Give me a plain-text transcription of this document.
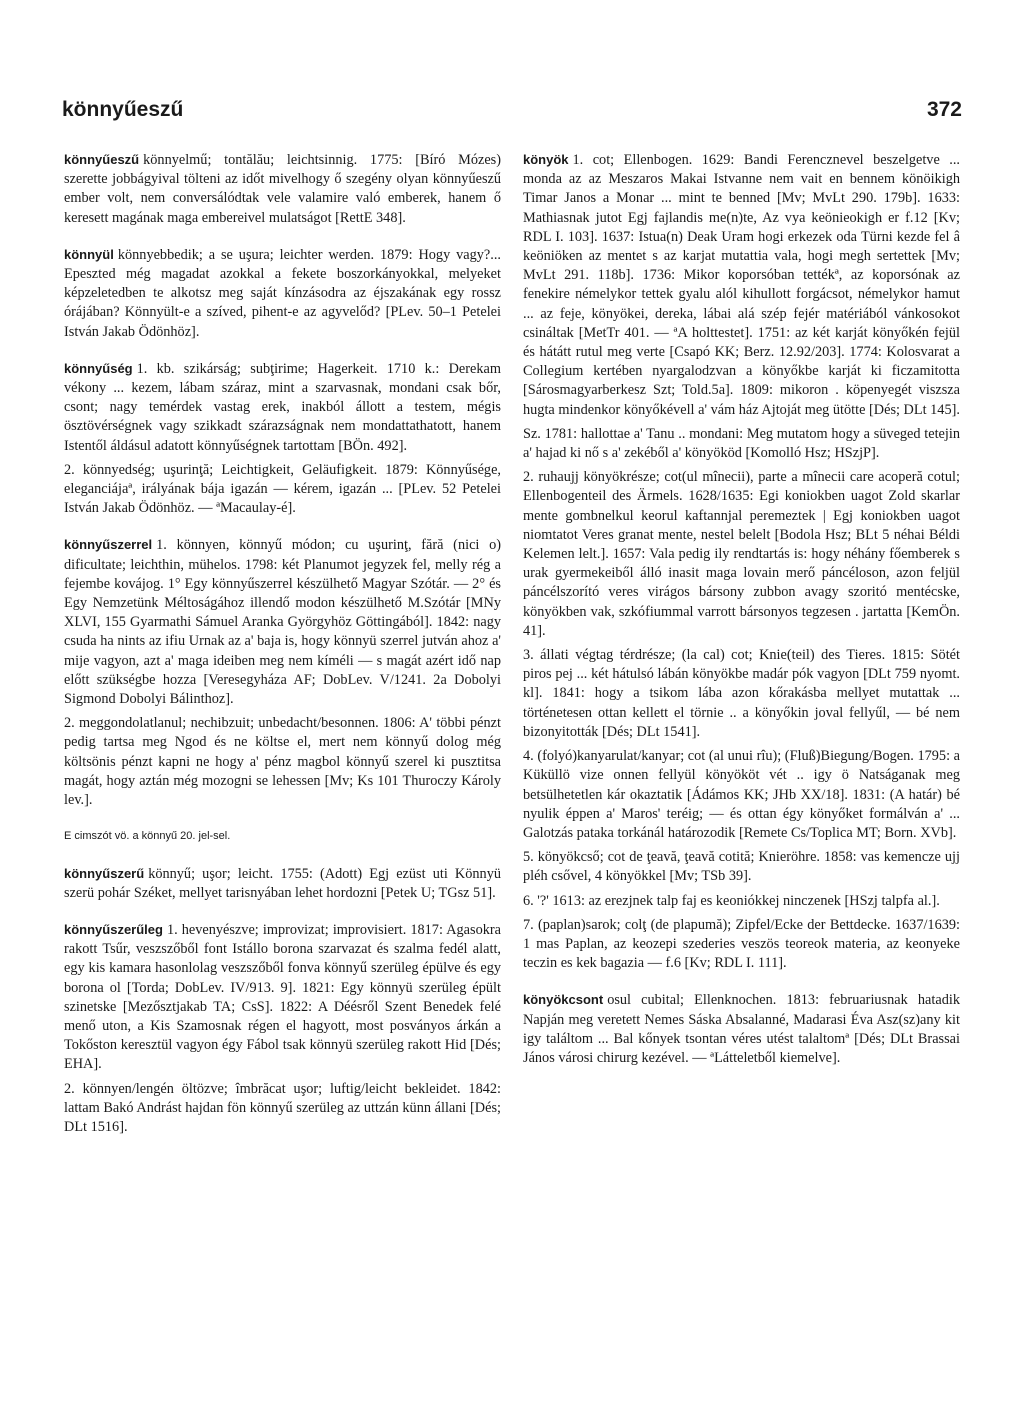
könnyűeszű	372

könnyűeszű könnyelmű; tontălău; leichtsinnig. 1775: [Bíró Mózes) szerette jobbágyival tölteni az időt mivelhogy ő szegény olyan könnyűeszű ember volt, nem conversálódtak vele valamire való emberek, hanem ő keresett magának maga embereivel mulatságot [RettE 348].

könnyül könnyebbedik; a se uşura; leichter werden. 1879: Hogy vagy?... Epeszted még magadat azokkal a fekete boszorkányokkal, melyeket képzeletedben te alkotsz meg saját kínzásodra az éjszakának egy rossz órájában? Könnyült-e a szíved, pihent-e az agyvelőd? [PLev. 50–1 Petelei István Jakab Ödönhöz].

könnyűség 1. kb. szikárság; subţirime; Hagerkeit. 1710 k.: Derekam vékony ... kezem, lábam száraz, mint a szarvasnak, mondani csak bőr, csont; nagy temérdek vastag erek, inakból állott a testem, mégis ösztövérségnek vagy szikkadt szárazságnak nem mondattathatott, hanem Istentől áldásul adatott könnyűségnek tartottam [BÖn. 492].

2. könnyedség; uşurinţă; Leichtigkeit, Geläufigkeit. 1879: Könnyűsége, eleganciájaª, irályának bája igazán — kérem, igazán ... [PLev. 52 Petelei István Jakab Ödönhöz. — ªMacaulay-é].

könnyűszerrel 1. könnyen, könnyű módon; cu uşurinţ, fără (nici o) dificultate; leichthin, mühelos. 1798: két Planumot jegyzek fel, melly rég a fejembe kovájog. 1° Egy könnyűszerrel készülhető Magyar Szótár. — 2° és Egy Nemzetünk Méltoságához illendő modon készülhető M.Szótár [MNy XLVI, 155 Gyarmathi Sámuel Aranka Györgyhöz Göttingából]. 1842: nagy csuda ha nints az ifiu Urnak az a' baja is, hogy könnyü szerrel jutván ahoz a' mije vagyon, azt a' maga ideiben meg nem kíméli — s magát azért idő nap előtt szükségbe hozza [Veresegyháza AF; DobLev. V/1241. 2a Dobolyi Sigmond Dobolyi Bálinthoz].

2. meggondolatlanul; nechibzuit; unbedacht/besonnen. 1806: A' többi pénzt pedig tartsa meg Ngod és ne költse el, mert nem könnyű dolog még költsönis pénzt kapni ne hogy a' pénz magbol könnyű szerel ki pusztitsa magát, hogy aztán még mozogni se lehessen [Mv; Ks 101 Thuroczy Károly lev.].

E cimszót vö. a könnyű 20. jel-sel.

könnyűszerű könnyű; uşor; leicht. 1755: (Adott) Egj ezüst uti Könnyü szerü pohár Széket, mellyet tarisnyában lehet hordozni [Petek U; TGsz 51].

könnyűszerűleg 1. hevenyészve; improvizat; improvisiert. 1817: Agasokra rakott Tsűr, veszszőből font Istállo borona szarvazat és szalma fedél alatt, egy kis kamara hasonlolag veszszőből fonva könnyű szerüleg épülve és egy borona ol [Torda; DobLev. IV/913. 9]. 1821: Egy könnyü szerüleg épült szinetske [Mezősztjakab TA; CsS]. 1822: A Déésről Szent Benedek felé menő uton, a Kis Szamosnak régen el hagyott, most posványos árkán a Tokőston keresztül vagyon égy Fábol tsak könnyü szerüleg rakott Hid [Dés; EHA].

2. könnyen/lengén öltözve; îmbrăcat uşor; luftig/leicht bekleidet. 1842: lattam Bakó Andrást hajdan fön könnyű szerüleg az uttzán künn állani [Dés; DLt 1516].

könyök 1. cot; Ellenbogen. 1629: Bandi Ferencznevel beszelgetve ... monda az az Meszaros Makai Istvanne nem vait en bennem könöikigh Timar Janos a Monar ... mint te benned [Mv; MvLt 290. 179b]. 1633: Mathiasnak jutot Egj fajlandis me(n)te, Az vya keönieokigh er f.12 [Kv; RDL I. 103]. 1637: Istua(n) Deak Uram hogi erkezek oda Türni kezde fel â keöniöken az mentet s az karjat mutattia vala, hogi megh sertettek [Mv; MvLt 291. 118b]. 1736: Mikor koporsóban tettékª, az koporsónak az fenekire némelykor tettek gyalu alól kihullott forgácsot, némelykor hamut ... az feje, könyökei, dereka, lábai alá szép fejér matériából vánkosokot csináltak [MetTr 401. — ªA holttestet]. 1751: az két karját könyőkén fejül és hátátt rutul meg verte [Csapó KK; Berz. 12.92/203]. 1774: Kolosvarat a Collegium kertében nyargalodzvan a könyőkbe karját ki ficzamitotta [Sárosmagyarberkesz Szt; Told.5a]. 1809: mikoron . köpenyegét viszsza hugta mindenkor könyőkévell a' vám ház Ajtoját meg ütötte [Dés; DLt 145].

Sz. 1781: hallottae a' Tanu .. mondani: Meg mutatom hogy a süveged tetejin a' hajad ki nő s a' zekéből a' könyököd [Komolló Hsz; HSzjP].

2. ruhaujj könyökrésze; cot(ul mînecii), parte a mînecii care acoperă cotul; Ellenbogenteil des Ärmels. 1628/1635: Egi koniokben uagot Zold skarlar mente gombnelkul keorul kaftannjal peremeztek | Egj koniokben uagot niomtatot Veres granat mente, nestel belelt [Bodola Hsz; BLt 5 néhai Béldi Kelemen lelt.]. 1657: Vala pedig ily rendtartás is: hogy néhány főemberek s urak gyermekeiből álló inasit maga lovain merő páncéloson, azon feljül páncélszorító veres virágos bársony zubbon avagy szoritó mentécske, könyökben vak, szkófiummal varrott bársonyos tegzesen . jartatta [KemÖn. 41].

3. állati végtag térdrésze; (la cal) cot; Knie(teil) des Tieres. 1815: Sötét piros pej ... két hátulsó lábán könyökbe madár pók vagyon [DLt 759 nyomt. kl]. 1841: hogy a tsikom lába azon kőrakásba mellyet mutattak ... történetesen ottan kellett el törnie .. a könyőkin joval fellyűl, — bé nem bizonyitották [Dés; DLt 1541].

4. (folyó)kanyarulat/kanyar; cot (al unui rîu); (Fluß)Biegung/Bogen. 1795: a Küküllö vize onnen fellyül könyököt vét .. igy ö Natságanak meg betsülhetetlen kár okaztatik [Ádámos KK; JHb XX/18]. 1831: (A határ) bé nyulik éppen a' Maros' teréig; — és ottan égy könyőket formálván a' ... Galotzás pataka torkánál határozodik [Remete Cs/Toplica MT; Born. XVb].

5. könyökcső; cot de ţeavă, ţeavă cotită; Knieröhre. 1858: vas kemencze ujj pléh csővel, 4 könyökkel [Mv; TSb 39].

6. '?' 1613: az erezjnek talp faj es keoniókkej ninczenek [HSzj talpfa al.].

7. (paplan)sarok; colţ (de plapumă); Zipfel/Ecke der Bettdecke. 1637/1639: 1 mas Paplan, az keozepi szederies veszös teoreok materia, az keonyeke teczin es kek bagazia — f.6 [Kv; RDL I. 111].

könyökcsont osul cubital; Ellenknochen. 1813: februariusnak hatadik Napján meg veretett Nemes Sáska Absalanné, Madarasi Éva Asz(sz)any kit igy találtom ... Bal kőnyek tsontan véres utést talaltomª [Dés; DLt Brassai János városi chirurg kezével. — ªLátteletből kiemelve].
